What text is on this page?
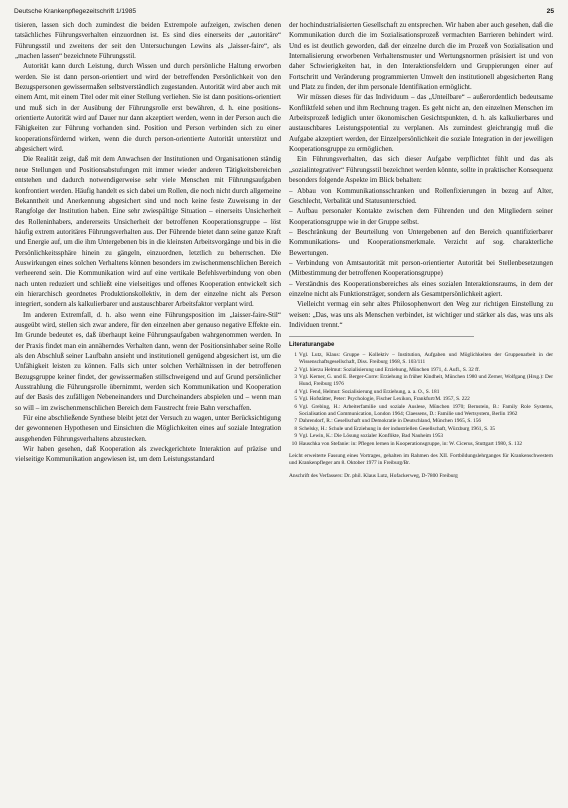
Deutsche Krankenpflegezeitschrift 1/1985	25

tisieren, lassen sich doch zumindest die beiden Extrempole aufzeigen, zwischen denen tatsächliches Führungsverhalten einzuordnen ist. Es sind dies einerseits der „autoritäre“ Führungsstil und zweitens der seit den Untersuchungen Lewins als „laisser-faire“, als „machen lassen“ bezeichnete Führungsstil.

Autorität kann durch Leistung, durch Wissen und durch persönliche Haltung erworben werden. Sie ist dann person-orientiert und wird der betreffenden Persönlichkeit von den Bezugspersonen gewissermaßen selbstverständlich zugestanden. Autorität wird aber auch mit einem Amt, mit einem Titel oder mit einer Stellung verliehen. Sie ist dann positions-orientiert und muß sich in der Ausübung der Führungsrolle erst bewähren, d. h. eine positions-orientierte Autorität wird auf Dauer nur dann akzeptiert werden, wenn in der Person auch die Fähigkeiten zur Führung vorhanden sind. Position und Person verbinden sich zu einer kooperationsfördernd wirken, wenn die durch person-orientierte Autorität unterstützt und abgesichert wird.

Die Realität zeigt, daß mit dem Anwachsen der Institutionen und Organisationen ständig neue Stellungen und Positionsabstufungen mit immer wieder anderen Tätigkeitsbereichen entstehen und dadurch notwendigerweise sehr viele Menschen mit Führungsaufgaben konfrontiert werden. Häufig handelt es sich dabei um Rollen, die noch nicht durch allgemeine Bekanntheit und Anerkennung abgesichert sind und noch keine feste Zuweisung in der Rangfolge der Institution haben. Eine sehr zwiespältige Situation – einerseits Unsicherheit des Rolleninhabers, andererseits Unsicherheit der betroffenen Kooperationsgruppe – löst häufig extrem autoritäres Führungsverhalten aus. Der Führende bietet dann seine ganze Kraft und Energie auf, um die ihm Untergebenen bis in die kleinsten Arbeitsvorgänge und bis in die Persönlichkeitssphäre hinein zu gängeln, einzuordnen, letztlich zu beherrschen. Die Auswirkungen eines solchen Verhaltens können besonders im zwischenmenschlichen Bereich verheerend sein. Die Kommunikation wird auf eine vertikale Befehlsverbindung von oben nach unten reduziert und schließt eine vielseitiges und offenes Kooperation entwickelt sich ein hierarchisch geordnetes Produktionskollektiv, in dem der einzelne nicht als Person integriert, sondern als kalkulierbarer und austauschbarer Arbeitsfaktor verplant wird.

Im anderen Extremfall, d. h. also wenn eine Führungsposition im „laisser-faire-Stil“ ausgeübt wird, stellen sich zwar andere, für den einzelnen aber genauso negative Effekte ein. Im Grunde bedeutet es, daß überhaupt keine Führungsaufgaben wahrgenommen werden. In der Praxis findet man ein annäherndes Verhalten dann, wenn der Positionsinhaber seine Rolle als den Abschluß seiner Laufbahn ansieht und institutionell genügend abgesichert ist, um die Unfähigkeit leisten zu können. Falls sich unter solchen Verhältnissen in der betroffenen Bezugsgruppe keiner findet, der gewissermaßen stillschweigend und auf Grund persönlicher Ausstrahlung die Führungsrolle übernimmt, werden sich Kommunikation und Kooperation auf der Basis des zufälligen Nebeneinanders und Durcheinanders abspielen und – wenn man so will – im zwischenmenschlichen Bereich dem Faustrecht freie Bahn verschaffen.

Für eine abschließende Synthese bleibt jetzt der Versuch zu wagen, unter Berücksichtigung der gewonnenen Hypothesen und Einsichten die Möglichkeiten eines auf soziale Integration ausgehenden Führungsverhaltens abzustecken.

Wir haben gesehen, daß Kooperation als zweckgerichtete Interaktion auf präzise und vielseitige Kommunikation angewiesen ist, um dem Leistungsstandard

der hochindustrialisierten Gesellschaft zu entsprechen. Wir haben aber auch gesehen, daß die Kommunikation durch die im Sozialisationsprozeß vermachten Barrieren behindert wird. Und es ist deutlich geworden, daß der einzelne durch die im Prozeß von Sozialisation und Internalisierung erworbenen Verhaltensmuster und Wertungsnormen präsisiert ist und von daher Schwierigkeiten hat, in den Interaktionsfeldern und Gruppierungen einer auf Fortschritt und Veränderung programmierten Umwelt den institutionell abgesicherten Rang und Platz zu finden, der ihm personale Identifikation ermöglicht.

Wir müssen dieses für das Individuum – das „Unteilbare“ – außerordentlich bedeutsame Konfliktfeld sehen und ihm Rechnung tragen. Es geht nicht an, den einzelnen Menschen im Arbeitsprozeß lediglich unter ökonomischen Gesichtspunkten, d. h. als kalkulierbares und austauschbares Leistungspotential zu verplanen. Als zumindest gleichrangig muß die Aufgabe akzeptiert werden, der Einzelpersönlichkeit die soziale Integration in der jeweiligen Kooperationsgruppe zu ermöglichen.

Ein Führungsverhalten, das sich dieser Aufgabe verpflichtet fühlt und das als „sozialintegrativer“ Führungsstil bezeichnet werden könnte, sollte in praktischer Konsequenz besonders folgende Aspekte im Blick behalten:

– Abbau von Kommunikationsschranken und Rollenfixierungen in bezug auf Alter, Geschlecht, Verbalität und Statusunterschied.

– Aufbau personaler Kontakte zwischen dem Führenden und den Mitgliedern seiner Kooperationsgruppe wie in der Gruppe selbst.

– Beschränkung der Beurteilung von Untergebenen auf den Bereich quantifizierbarer Kommunikations- und Kooperationsmerkmale. Verzicht auf sog. charakterliche Bewertungen.

– Verbindung von Amtsautorität mit person-orientierter Autorität bei Stellenbesetzungen (Mitbestimmung der betroffenen Kooperationsgruppe)

– Verständnis des Kooperationsbereiches als eines sozialen Interaktionsraums, in dem der einzelne nicht als Funktionsträger, sondern als Gesamtpersönlichkeit agiert.

Vielleicht vermag ein sehr altes Philosophenwort den Weg zur richtigen Einstellung zu weisen: „Das, was uns als Menschen verbindet, ist wichtiger und stärker als das, was uns als Individuen trennt.“

Literaturangabe
1 Vgl. Lutz, Klaus: Gruppe – Kollektiv – Institution, Aufgaben und Möglichkeiten der Gruppenarbeit in der Wissenschaftsgesellschaft, Diss. Freiburg 1968, S. 103/111
2 Vgl. hierzu Helmut: Sozialisierung und Erziehung, München 1971, 4. Aufl., S. 32 ff.
3 Vgl. Kerner, G. und E. Berger-Corre: Erziehung in früher Kindheit, München 1980 und Zerner, Wolfgang (Hrsg.): Der Hund, Freiburg 1976
4 Vgl. Fend, Helmut: Sozialisierung und Erziehung, a. a. O., S. 181
5 Vgl. Hofstätter, Peter: Psychologie, Fischer Lexikon, Frankfurt/M. 1957, S. 222
6 Vgl. Grebing, H.: Arbeiterfamilie und soziale Auslese, München 1970; Bernstein, B.: Family Role Systems, Socialisation and Communication, London 1964; Claessens, D.: Familie und Wertsystem, Berlin 1962
7 Dahrendorf, R.: Gesellschaft und Demokratie in Deutschland, München 1965, S. 156
8 Schelsky, H.: Schule und Erziehung in der industriellen Gesellschaft, Würzburg 1961, S. 35
9 Vgl. Lewin, K.: Die Lösung sozialer Konflikte, Bad Nauheim 1953
10 Hauschka von Stefanie: in: Pflegen lernen in Kooperationsgruppe, in: W. Cicerus, Stuttgart 1980, S. 132
Leicht erweiterte Fassung eines Vortrages, gehalten im Rahmen des XII. Fortbildungslehrganges für Krankenschwestern und Krankenpfleger am 8. Oktober 1977 in Freiburg/Br.
Anschrift des Verfassers: Dr. phil. Klaus Lutz, Hofackerweg, D-7800 Freiburg
